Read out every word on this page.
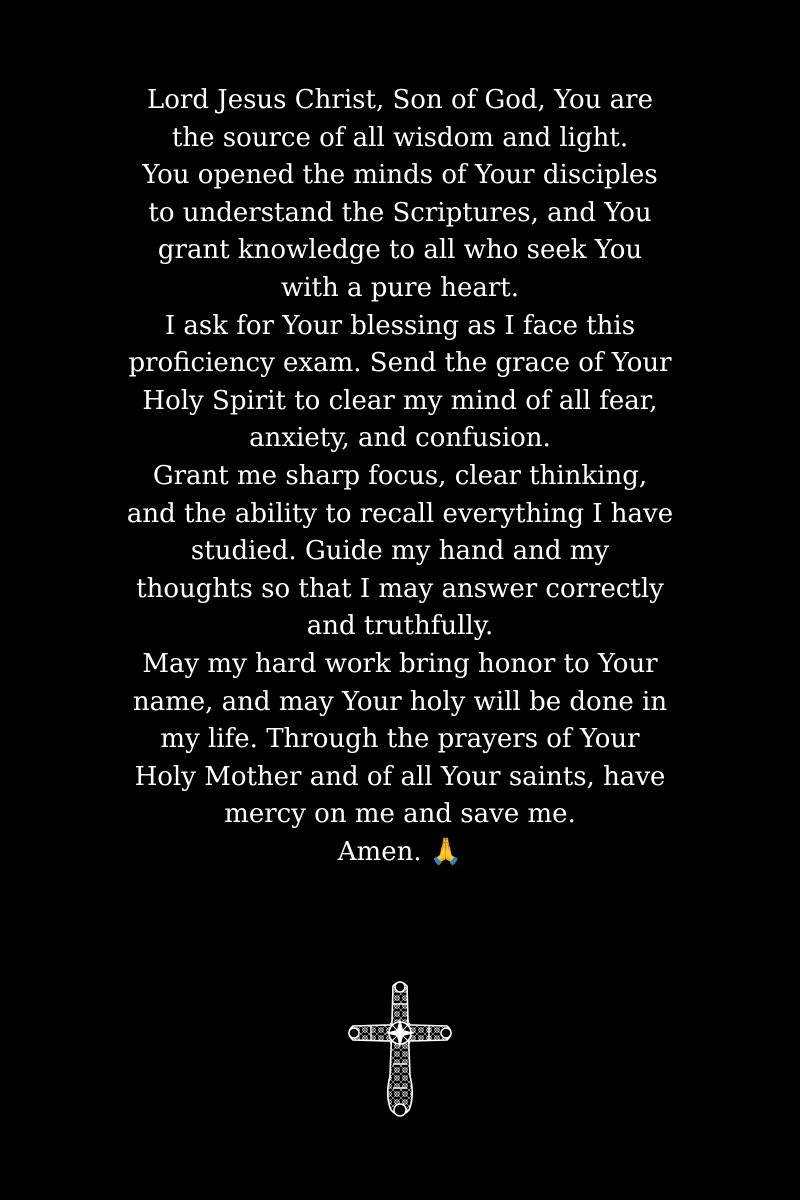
Lord Jesus Christ, Son of God, You are
the source of all wisdom and light.
You opened the minds of Your disciples
to understand the Scriptures, and You
grant knowledge to all who seek You
with a pure heart.
I ask for Your blessing as I face this
proficiency exam. Send the grace of Your
Holy Spirit to clear my mind of all fear,
anxiety, and confusion.
Grant me sharp focus, clear thinking,
and the ability to recall everything I have
studied. Guide my hand and my
thoughts so that I may answer correctly
and truthfully.
May my hard work bring honor to Your
name, and may Your holy will be done in
my life. Through the prayers of Your
Holy Mother and of all Your saints, have
mercy on me and save me.
Amen. 🙏
